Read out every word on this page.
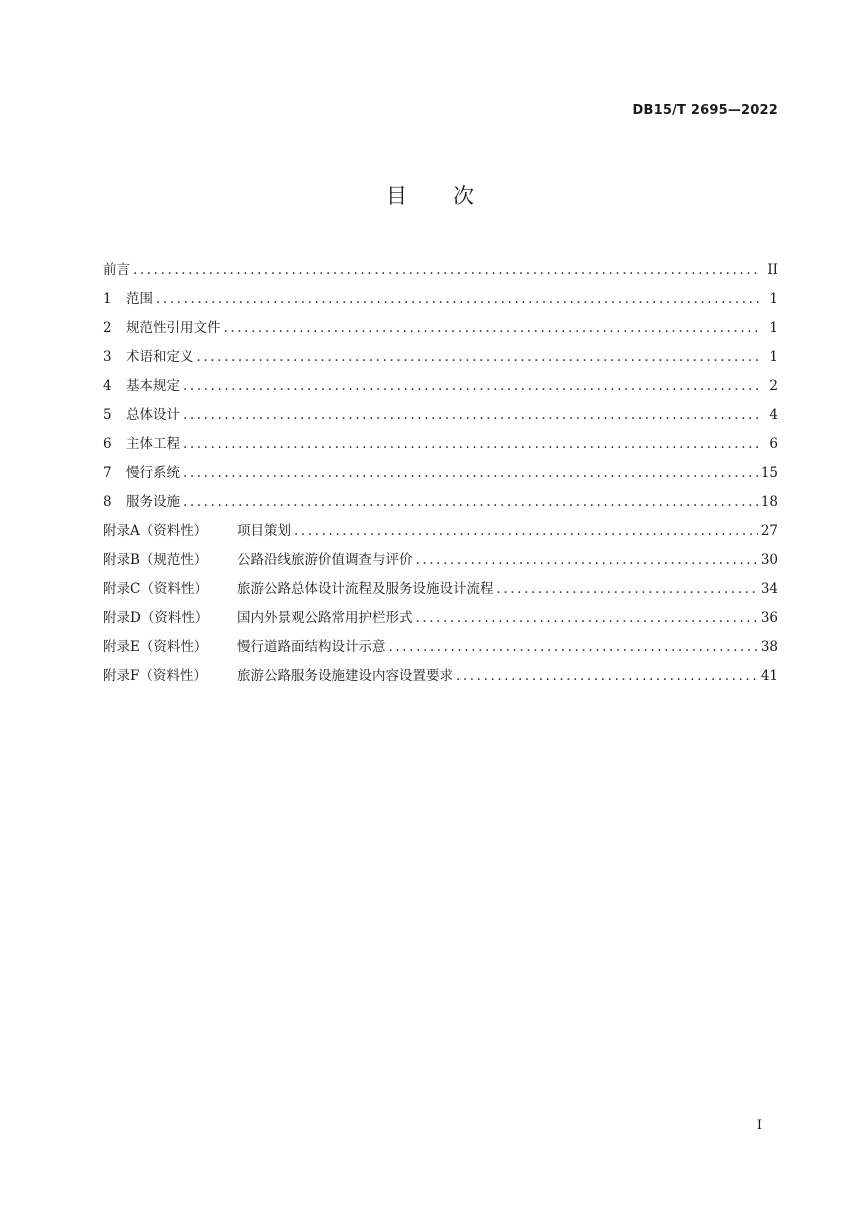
DB15/T 2695—2022
目次
前言 .....	II
1 范围 .....	1
2 规范性引用文件 .....	1
3 术语和定义 .....	1
4 基本规定 .....	2
5 总体设计 .....	4
6 主体工程 .....	6
7 慢行系统 .....	15
8 服务设施 .....	18
附录A（资料性） 项目策划 .....	27
附录B（规范性） 公路沿线旅游价值调查与评价 .....	30
附录C（资料性） 旅游公路总体设计流程及服务设施设计流程 .....	34
附录D（资料性） 国内外景观公路常用护栏形式 .....	36
附录E（资料性） 慢行道路面结构设计示意 .....	38
附录F（资料性） 旅游公路服务设施建设内容设置要求 .....	41
I
